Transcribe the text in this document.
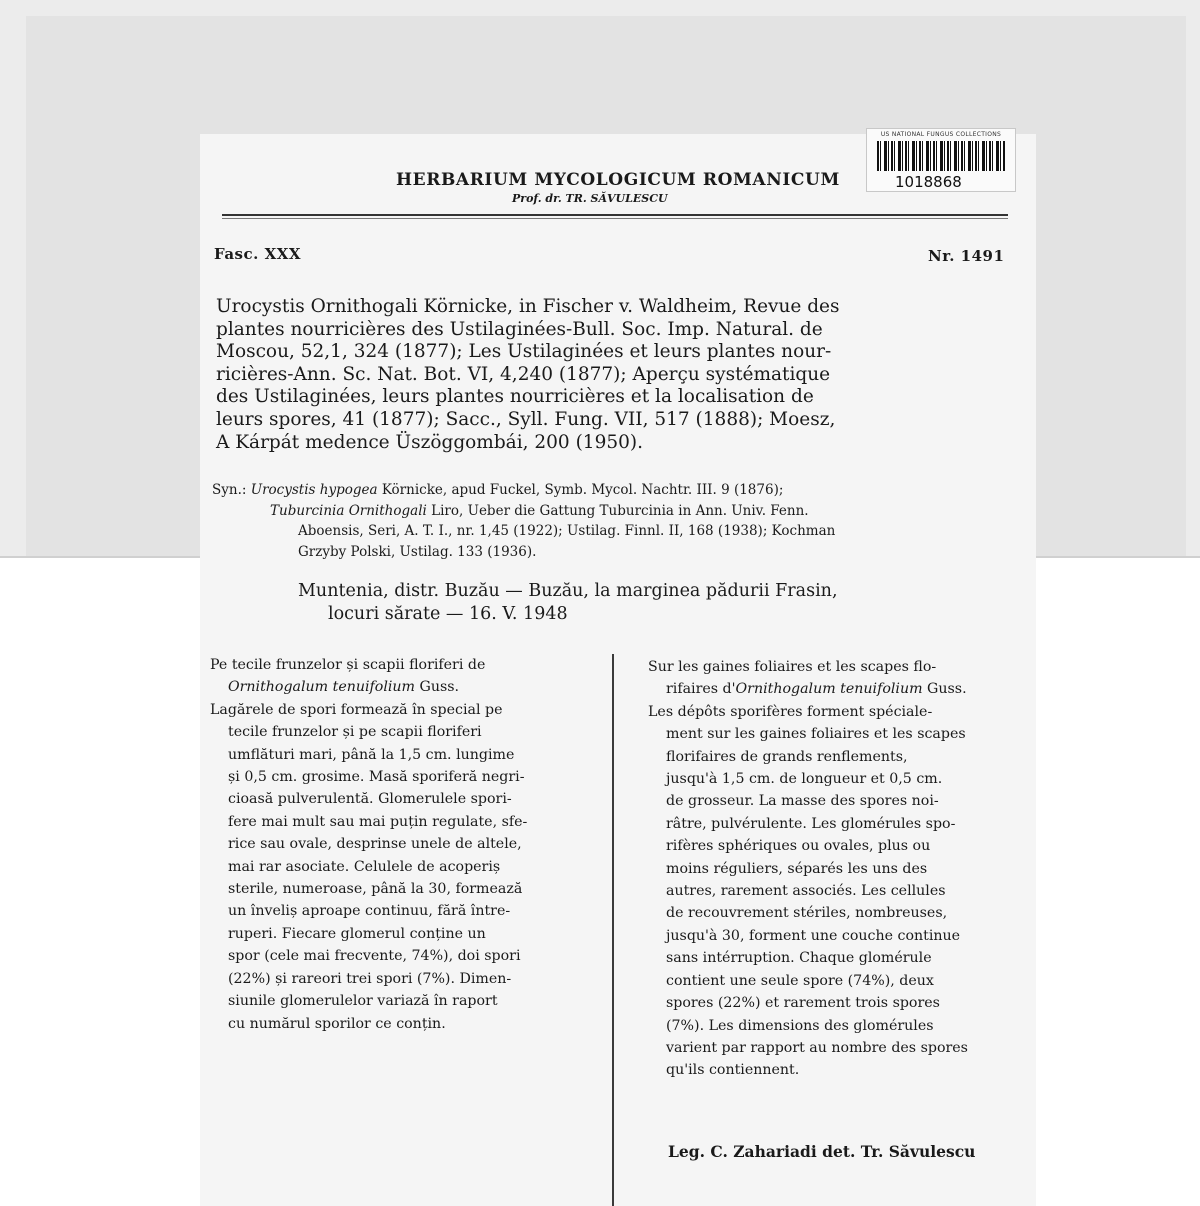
US NATIONAL FUNGUS COLLECTIONS
1018868
HERBARIUM MYCOLOGICUM ROMANICUM
Prof. dr. TR. SĂVULESCU
Fasc. XXX	Nr. 1491
Urocystis Ornithogali Körnicke, in Fischer v. Waldheim, Revue des
plantes nourricières des Ustilaginées-Bull. Soc. Imp. Natural. de
Moscou, 52,1, 324 (1877); Les Ustilaginées et leurs plantes nour-
ricières-Ann. Sc. Nat. Bot. VI, 4,240 (1877); Aperçu systématique
des Ustilaginées, leurs plantes nourricières et la localisation de
leurs spores, 41 (1877); Sacc., Syll. Fung. VII, 517 (1888); Moesz,
A Kárpát medence Üszöggombái, 200 (1950).
Syn.: Urocystis hypogea Körnicke, apud Fuckel, Symb. Mycol. Nachtr. III. 9 (1876);
Tuburcinia Ornithogali Liro, Ueber die Gattung Tuburcinia in Ann. Univ. Fenn.
Aboensis, Seri, A. T. I., nr. 1,45 (1922); Ustilag. Finnl. II, 168 (1938); Kochman
Grzyby Polski, Ustilag. 133 (1936).
Muntenia, distr. Buzău — Buzău, la marginea pădurii Frasin,
locuri sărate — 16. V. 1948
Pe tecile frunzelor și scapii floriferi de
Ornithogalum tenuifolium Guss.
Lagărele de spori formează în special pe
tecile frunzelor și pe scapii floriferi
umflături mari, până la 1,5 cm. lungime
și 0,5 cm. grosime. Masă sporiferă negri-
cioasă pulverulentă. Glomerulele spori-
fere mai mult sau mai puțin regulate, sfe-
rice sau ovale, desprinse unele de altele,
mai rar asociate. Celulele de acoperiș
sterile, numeroase, până la 30, formează
un înveliș aproape continuu, fără între-
ruperi. Fiecare glomerul conține un
spor (cele mai frecvente, 74%), doi spori
(22%) și rareori trei spori (7%). Dimen-
siunile glomerulelor variază în raport
cu numărul sporilor ce conțin.
Sur les gaines foliaires et les scapes flo-
rifaires d'Ornithogalum tenuifolium Guss.
Les dépôts sporifères forment spéciale-
ment sur les gaines foliaires et les scapes
florifaires de grands renflements,
jusqu'à 1,5 cm. de longueur et 0,5 cm.
de grosseur. La masse des spores noi-
râtre, pulvérulente. Les glomérules spo-
rifères sphériques ou ovales, plus ou
moins réguliers, séparés les uns des
autres, rarement associés. Les cellules
de recouvrement stériles, nombreuses,
jusqu'à 30, forment une couche continue
sans intérruption. Chaque glomérule
contient une seule spore (74%), deux
spores (22%) et rarement trois spores
(7%). Les dimensions des glomérules
varient par rapport au nombre des spores
qu'ils contiennent.
Leg. C. Zahariadi det. Tr. Săvulescu
